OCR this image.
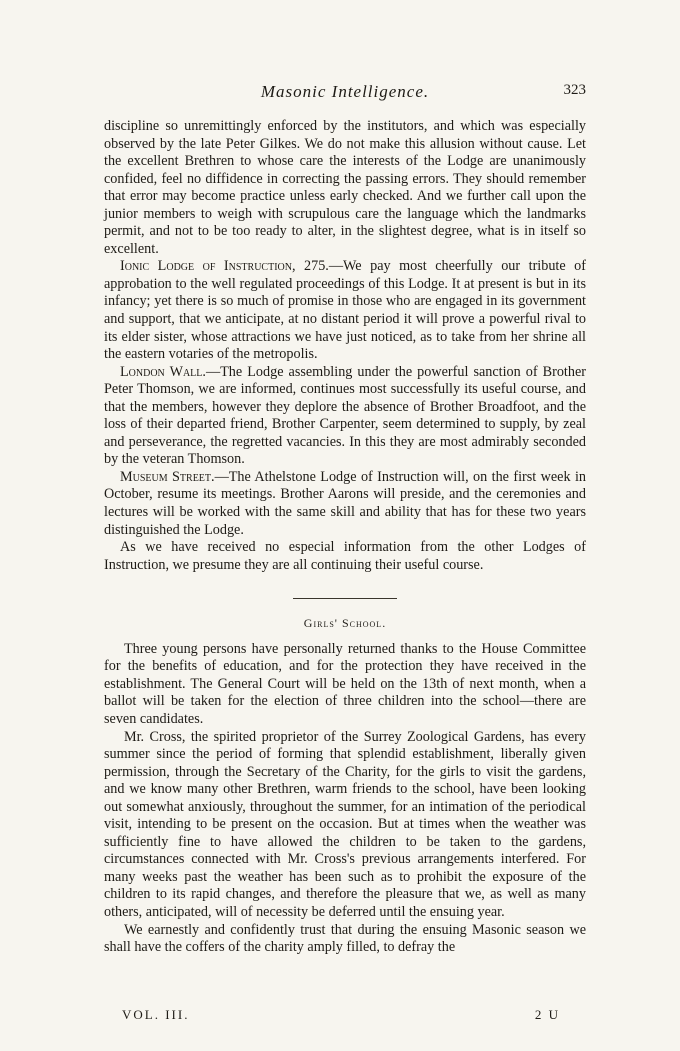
Masonic Intelligence.	323

discipline so unremittingly enforced by the institutors, and which was especially observed by the late Peter Gilkes. We do not make this allusion without cause. Let the excellent Brethren to whose care the interests of the Lodge are unanimously confided, feel no diffidence in correcting the passing errors. They should remember that error may become practice unless early checked. And we further call upon the junior members to weigh with scrupulous care the language which the landmarks permit, and not to be too ready to alter, in the slightest degree, what is in itself so excellent.

Ionic Lodge of Instruction, 275.—We pay most cheerfully our tribute of approbation to the well regulated proceedings of this Lodge. It at present is but in its infancy; yet there is so much of promise in those who are engaged in its government and support, that we anticipate, at no distant period it will prove a powerful rival to its elder sister, whose attractions we have just noticed, as to take from her shrine all the eastern votaries of the metropolis.

London Wall.—The Lodge assembling under the powerful sanction of Brother Peter Thomson, we are informed, continues most successfully its useful course, and that the members, however they deplore the absence of Brother Broadfoot, and the loss of their departed friend, Brother Carpenter, seem determined to supply, by zeal and perseverance, the regretted vacancies. In this they are most admirably seconded by the veteran Thomson.

Museum Street.—The Athelstone Lodge of Instruction will, on the first week in October, resume its meetings. Brother Aarons will preside, and the ceremonies and lectures will be worked with the same skill and ability that has for these two years distinguished the Lodge.

As we have received no especial information from the other Lodges of Instruction, we presume they are all continuing their useful course.

Girls' School.

Three young persons have personally returned thanks to the House Committee for the benefits of education, and for the protection they have received in the establishment. The General Court will be held on the 13th of next month, when a ballot will be taken for the election of three children into the school—there are seven candidates.

Mr. Cross, the spirited proprietor of the Surrey Zoological Gardens, has every summer since the period of forming that splendid establishment, liberally given permission, through the Secretary of the Charity, for the girls to visit the gardens, and we know many other Brethren, warm friends to the school, have been looking out somewhat anxiously, throughout the summer, for an intimation of the periodical visit, intending to be present on the occasion. But at times when the weather was sufficiently fine to have allowed the children to be taken to the gardens, circumstances connected with Mr. Cross's previous arrangements interfered. For many weeks past the weather has been such as to prohibit the exposure of the children to its rapid changes, and therefore the pleasure that we, as well as many others, anticipated, will of necessity be deferred until the ensuing year.

We earnestly and confidently trust that during the ensuing Masonic season we shall have the coffers of the charity amply filled, to defray the

VOL. III.	2 U
